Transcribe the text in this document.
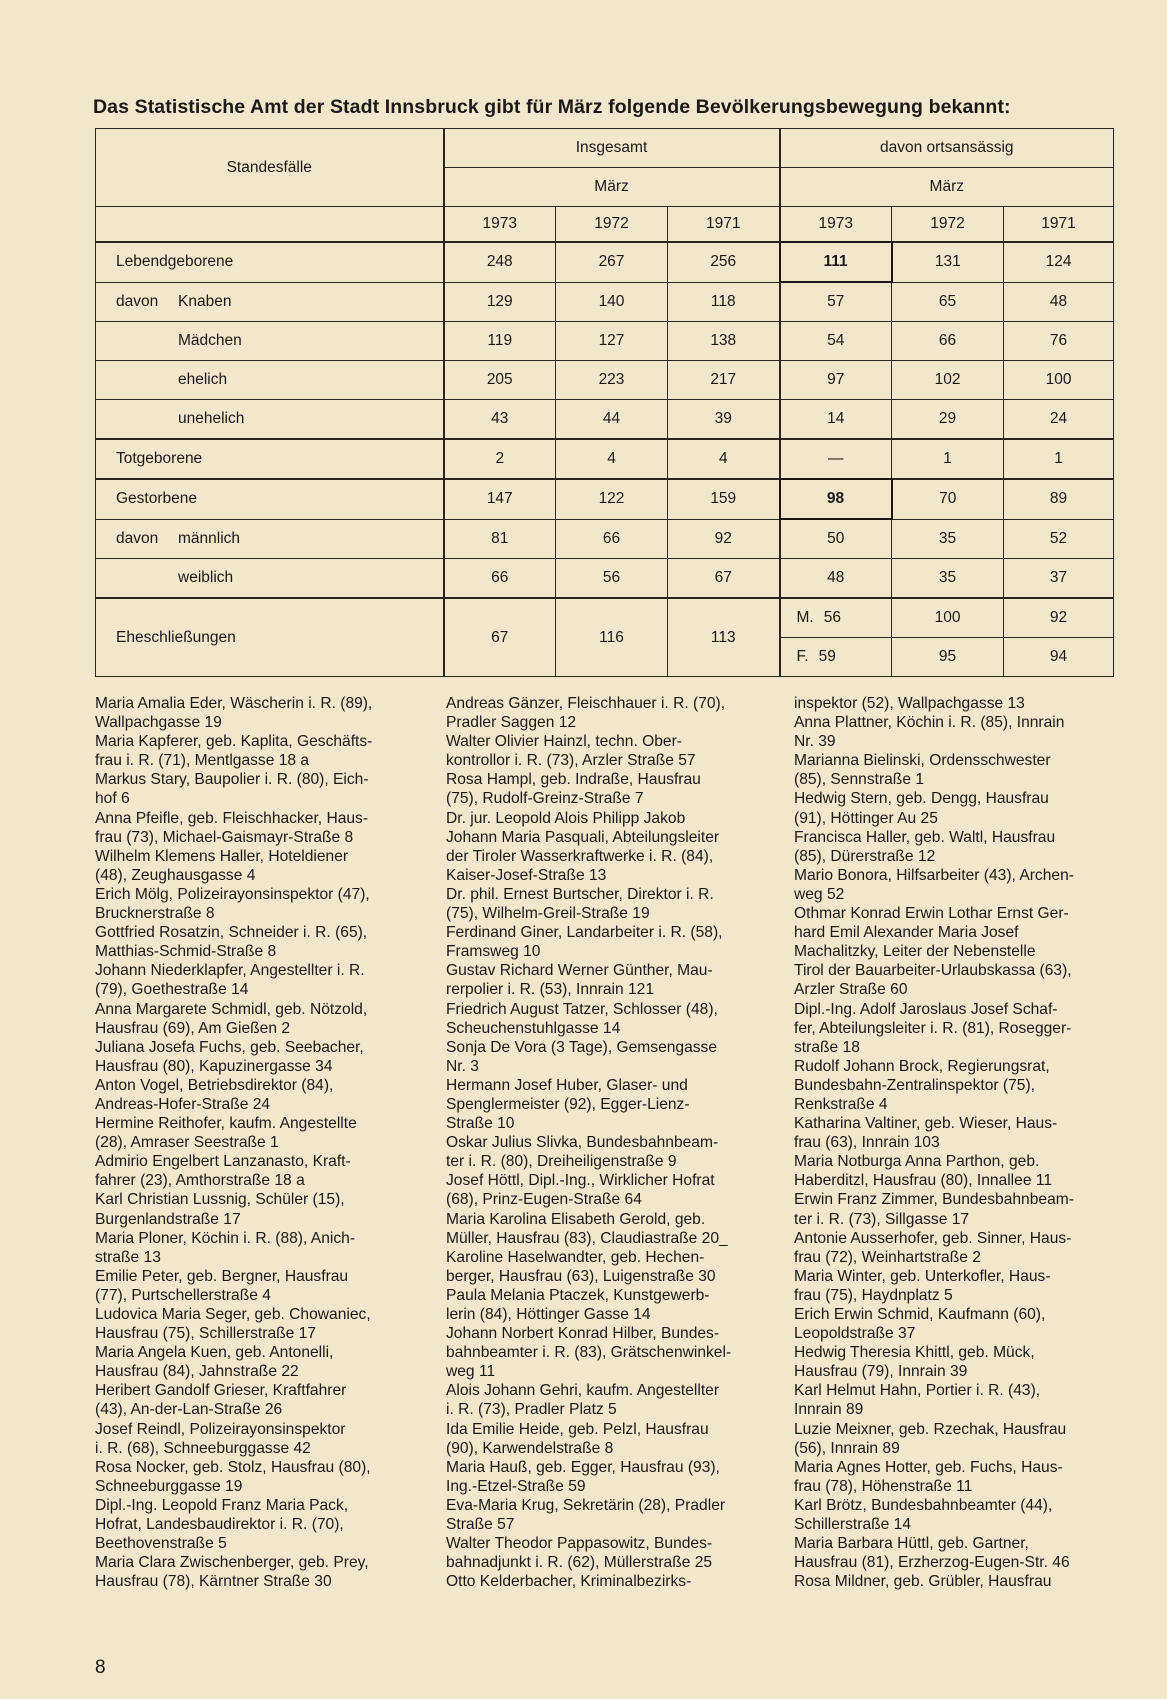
Das Statistische Amt der Stadt Innsbruck gibt für März folgende Bevölkerungsbewegung bekannt:
Standesfälle	Insgesamt			davon ortsansässig		
	März			März		
	1973	1972	1971	1973	1972	1971
Lebendgeborene	248	267	256	111	131	124
davon Knaben	129	140	118	57	65	48
Mädchen	119	127	138	54	66	76
ehelich	205	223	217	97	102	100
unehelich	43	44	39	14	29	24
Totgeborene	2	4	4	—	1	1
Gestorbene	147	122	159	98	70	89
davon männlich	81	66	92	50	35	52
weiblich	66	56	67	48	35	37
Eheschließungen	67	116	113	M. 56	100	92
				F. 59	95	94
Maria Amalia Eder, Wäscherin i. R. (89),
Wallpachgasse 19
Maria Kapferer, geb. Kaplita, Geschäfts-
frau i. R. (71), Mentlgasse 18 a
Markus Stary, Baupolier i. R. (80), Eich-
hof 6
Anna Pfeifle, geb. Fleischhacker, Haus-
frau (73), Michael-Gaismayr-Straße 8
Wilhelm Klemens Haller, Hoteldiener
(48), Zeughausgasse 4
Erich Mölg, Polizeirayonsinspektor (47),
Brucknerstraße 8
Gottfried Rosatzin, Schneider i. R. (65),
Matthias-Schmid-Straße 8
Johann Niederklapfer, Angestellter i. R.
(79), Goethestraße 14
Anna Margarete Schmidl, geb. Nötzold,
Hausfrau (69), Am Gießen 2
Juliana Josefa Fuchs, geb. Seebacher,
Hausfrau (80), Kapuzinergasse 34
Anton Vogel, Betriebsdirektor (84),
Andreas-Hofer-Straße 24
Hermine Reithofer, kaufm. Angestellte
(28), Amraser Seestraße 1
Admirio Engelbert Lanzanasto, Kraft-
fahrer (23), Amthorstraße 18 a
Karl Christian Lussnig, Schüler (15),
Burgenlandstraße 17
Maria Ploner, Köchin i. R. (88), Anich-
straße 13
Emilie Peter, geb. Bergner, Hausfrau
(77), Purtschellerstraße 4
Ludovica Maria Seger, geb. Chowaniec,
Hausfrau (75), Schillerstraße 17
Maria Angela Kuen, geb. Antonelli,
Hausfrau (84), Jahnstraße 22
Heribert Gandolf Grieser, Kraftfahrer
(43), An-der-Lan-Straße 26
Josef Reindl, Polizeirayonsinspektor
i. R. (68), Schneeburggasse 42
Rosa Nocker, geb. Stolz, Hausfrau (80),
Schneeburggasse 19
Dipl.-Ing. Leopold Franz Maria Pack,
Hofrat, Landesbaudirektor i. R. (70),
Beethovenstraße 5
Maria Clara Zwischenberger, geb. Prey,
Hausfrau (78), Kärntner Straße 30
Andreas Gänzer, Fleischhauer i. R. (70),
Pradler Saggen 12
Walter Olivier Hainzl, techn. Ober-
kontrollor i. R. (73), Arzler Straße 57
Rosa Hampl, geb. Indraße, Hausfrau
(75), Rudolf-Greinz-Straße 7
Dr. jur. Leopold Alois Philipp Jakob
Johann Maria Pasquali, Abteilungsleiter
der Tiroler Wasserkraftwerke i. R. (84),
Kaiser-Josef-Straße 13
Dr. phil. Ernest Burtscher, Direktor i. R.
(75), Wilhelm-Greil-Straße 19
Ferdinand Giner, Landarbeiter i. R. (58),
Framsweg 10
Gustav Richard Werner Günther, Mau-
rerpolier i. R. (53), Innrain 121
Friedrich August Tatzer, Schlosser (48),
Scheuchenstuhlgasse 14
Sonja De Vora (3 Tage), Gemsengasse
Nr. 3
Hermann Josef Huber, Glaser- und
Spenglermeister (92), Egger-Lienz-
Straße 10
Oskar Julius Slivka, Bundesbahnbeam-
ter i. R. (80), Dreiheiligenstraße 9
Josef Höttl, Dipl.-Ing., Wirklicher Hofrat
(68), Prinz-Eugen-Straße 64
Maria Karolina Elisabeth Gerold, geb.
Müller, Hausfrau (83), Claudiastraße 20_
Karoline Haselwandter, geb. Hechen-
berger, Hausfrau (63), Luigenstraße 30
Paula Melania Ptaczek, Kunstgewerb-
lerin (84), Höttinger Gasse 14
Johann Norbert Konrad Hilber, Bundes-
bahnbeamter i. R. (83), Grätschenwinkel-
weg 11
Alois Johann Gehri, kaufm. Angestellter
i. R. (73), Pradler Platz 5
Ida Emilie Heide, geb. Pelzl, Hausfrau
(90), Karwendelstraße 8
Maria Hauß, geb. Egger, Hausfrau (93),
Ing.-Etzel-Straße 59
Eva-Maria Krug, Sekretärin (28), Pradler
Straße 57
Walter Theodor Pappasowitz, Bundes-
bahnadjunkt i. R. (62), Müllerstraße 25
Otto Kelderbacher, Kriminalbezirks-
inspektor (52), Wallpachgasse 13
Anna Plattner, Köchin i. R. (85), Innrain
Nr. 39
Marianna Bielinski, Ordensschwester
(85), Sennstraße 1
Hedwig Stern, geb. Dengg, Hausfrau
(91), Höttinger Au 25
Francisca Haller, geb. Waltl, Hausfrau
(85), Dürerstraße 12
Mario Bonora, Hilfsarbeiter (43), Archen-
weg 52
Othmar Konrad Erwin Lothar Ernst Ger-
hard Emil Alexander Maria Josef
Machalitzky, Leiter der Nebenstelle
Tirol der Bauarbeiter-Urlaubskassa (63),
Arzler Straße 60
Dipl.-Ing. Adolf Jaroslaus Josef Schaf-
fer, Abteilungsleiter i. R. (81), Rosegger-
straße 18
Rudolf Johann Brock, Regierungsrat,
Bundesbahn-Zentralinspektor (75),
Renkstraße 4
Katharina Valtiner, geb. Wieser, Haus-
frau (63), Innrain 103
Maria Notburga Anna Parthon, geb.
Haberditzl, Hausfrau (80), Innallee 11
Erwin Franz Zimmer, Bundesbahnbeam-
ter i. R. (73), Sillgasse 17
Antonie Ausserhofer, geb. Sinner, Haus-
frau (72), Weinhartstraße 2
Maria Winter, geb. Unterkofler, Haus-
frau (75), Haydnplatz 5
Erich Erwin Schmid, Kaufmann (60),
Leopoldstraße 37
Hedwig Theresia Khittl, geb. Mück,
Hausfrau (79), Innrain 39
Karl Helmut Hahn, Portier i. R. (43),
Innrain 89
Luzie Meixner, geb. Rzechak, Hausfrau
(56), Innrain 89
Maria Agnes Hotter, geb. Fuchs, Haus-
frau (78), Höhenstraße 11
Karl Brötz, Bundesbahnbeamter (44),
Schillerstraße 14
Maria Barbara Hüttl, geb. Gartner,
Hausfrau (81), Erzherzog-Eugen-Str. 46
Rosa Mildner, geb. Grübler, Hausfrau
8
